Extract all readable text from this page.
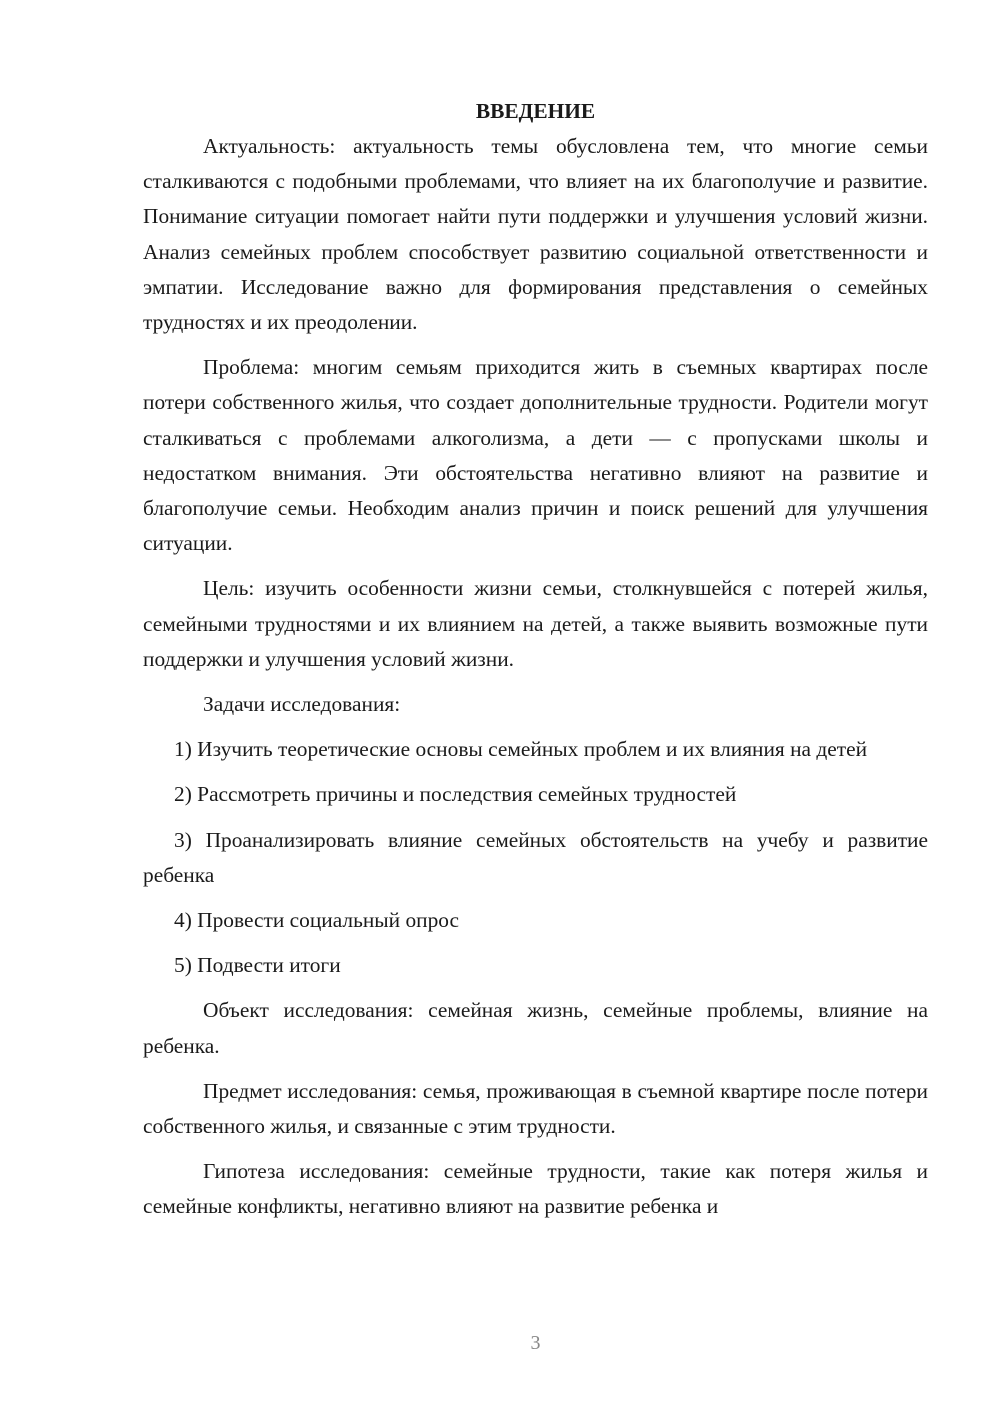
ВВЕДЕНИЕ

Актуальность: актуальность темы обусловлена тем, что многие семьи сталкиваются с подобными проблемами, что влияет на их благополучие и развитие. Понимание ситуации помогает найти пути поддержки и улучшения условий жизни. Анализ семейных проблем способствует развитию социальной ответственности и эмпатии. Исследование важно для формирования представления о семейных трудностях и их преодолении.

Проблема: многим семьям приходится жить в съемных квартирах после потери собственного жилья, что создает дополнительные трудности. Родители могут сталкиваться с проблемами алкоголизма, а дети — с пропусками школы и недостатком внимания. Эти обстоятельства негативно влияют на развитие и благополучие семьи. Необходим анализ причин и поиск решений для улучшения ситуации.

Цель: изучить особенности жизни семьи, столкнувшейся с потерей жилья, семейными трудностями и их влиянием на детей, а также выявить возможные пути поддержки и улучшения условий жизни.

Задачи исследования:

1) Изучить теоретические основы семейных проблем и их влияния на детей

2) Рассмотреть причины и последствия семейных трудностей

3) Проанализировать влияние семейных обстоятельств на учебу и развитие ребенка

4) Провести социальный опрос

5) Подвести итоги

Объект исследования: семейная жизнь, семейные проблемы, влияние на ребенка.

Предмет исследования: семья, проживающая в съемной квартире после потери собственного жилья, и связанные с этим трудности.

Гипотеза исследования: семейные трудности, такие как потеря жилья и семейные конфликты, негативно влияют на развитие ребенка и

3
